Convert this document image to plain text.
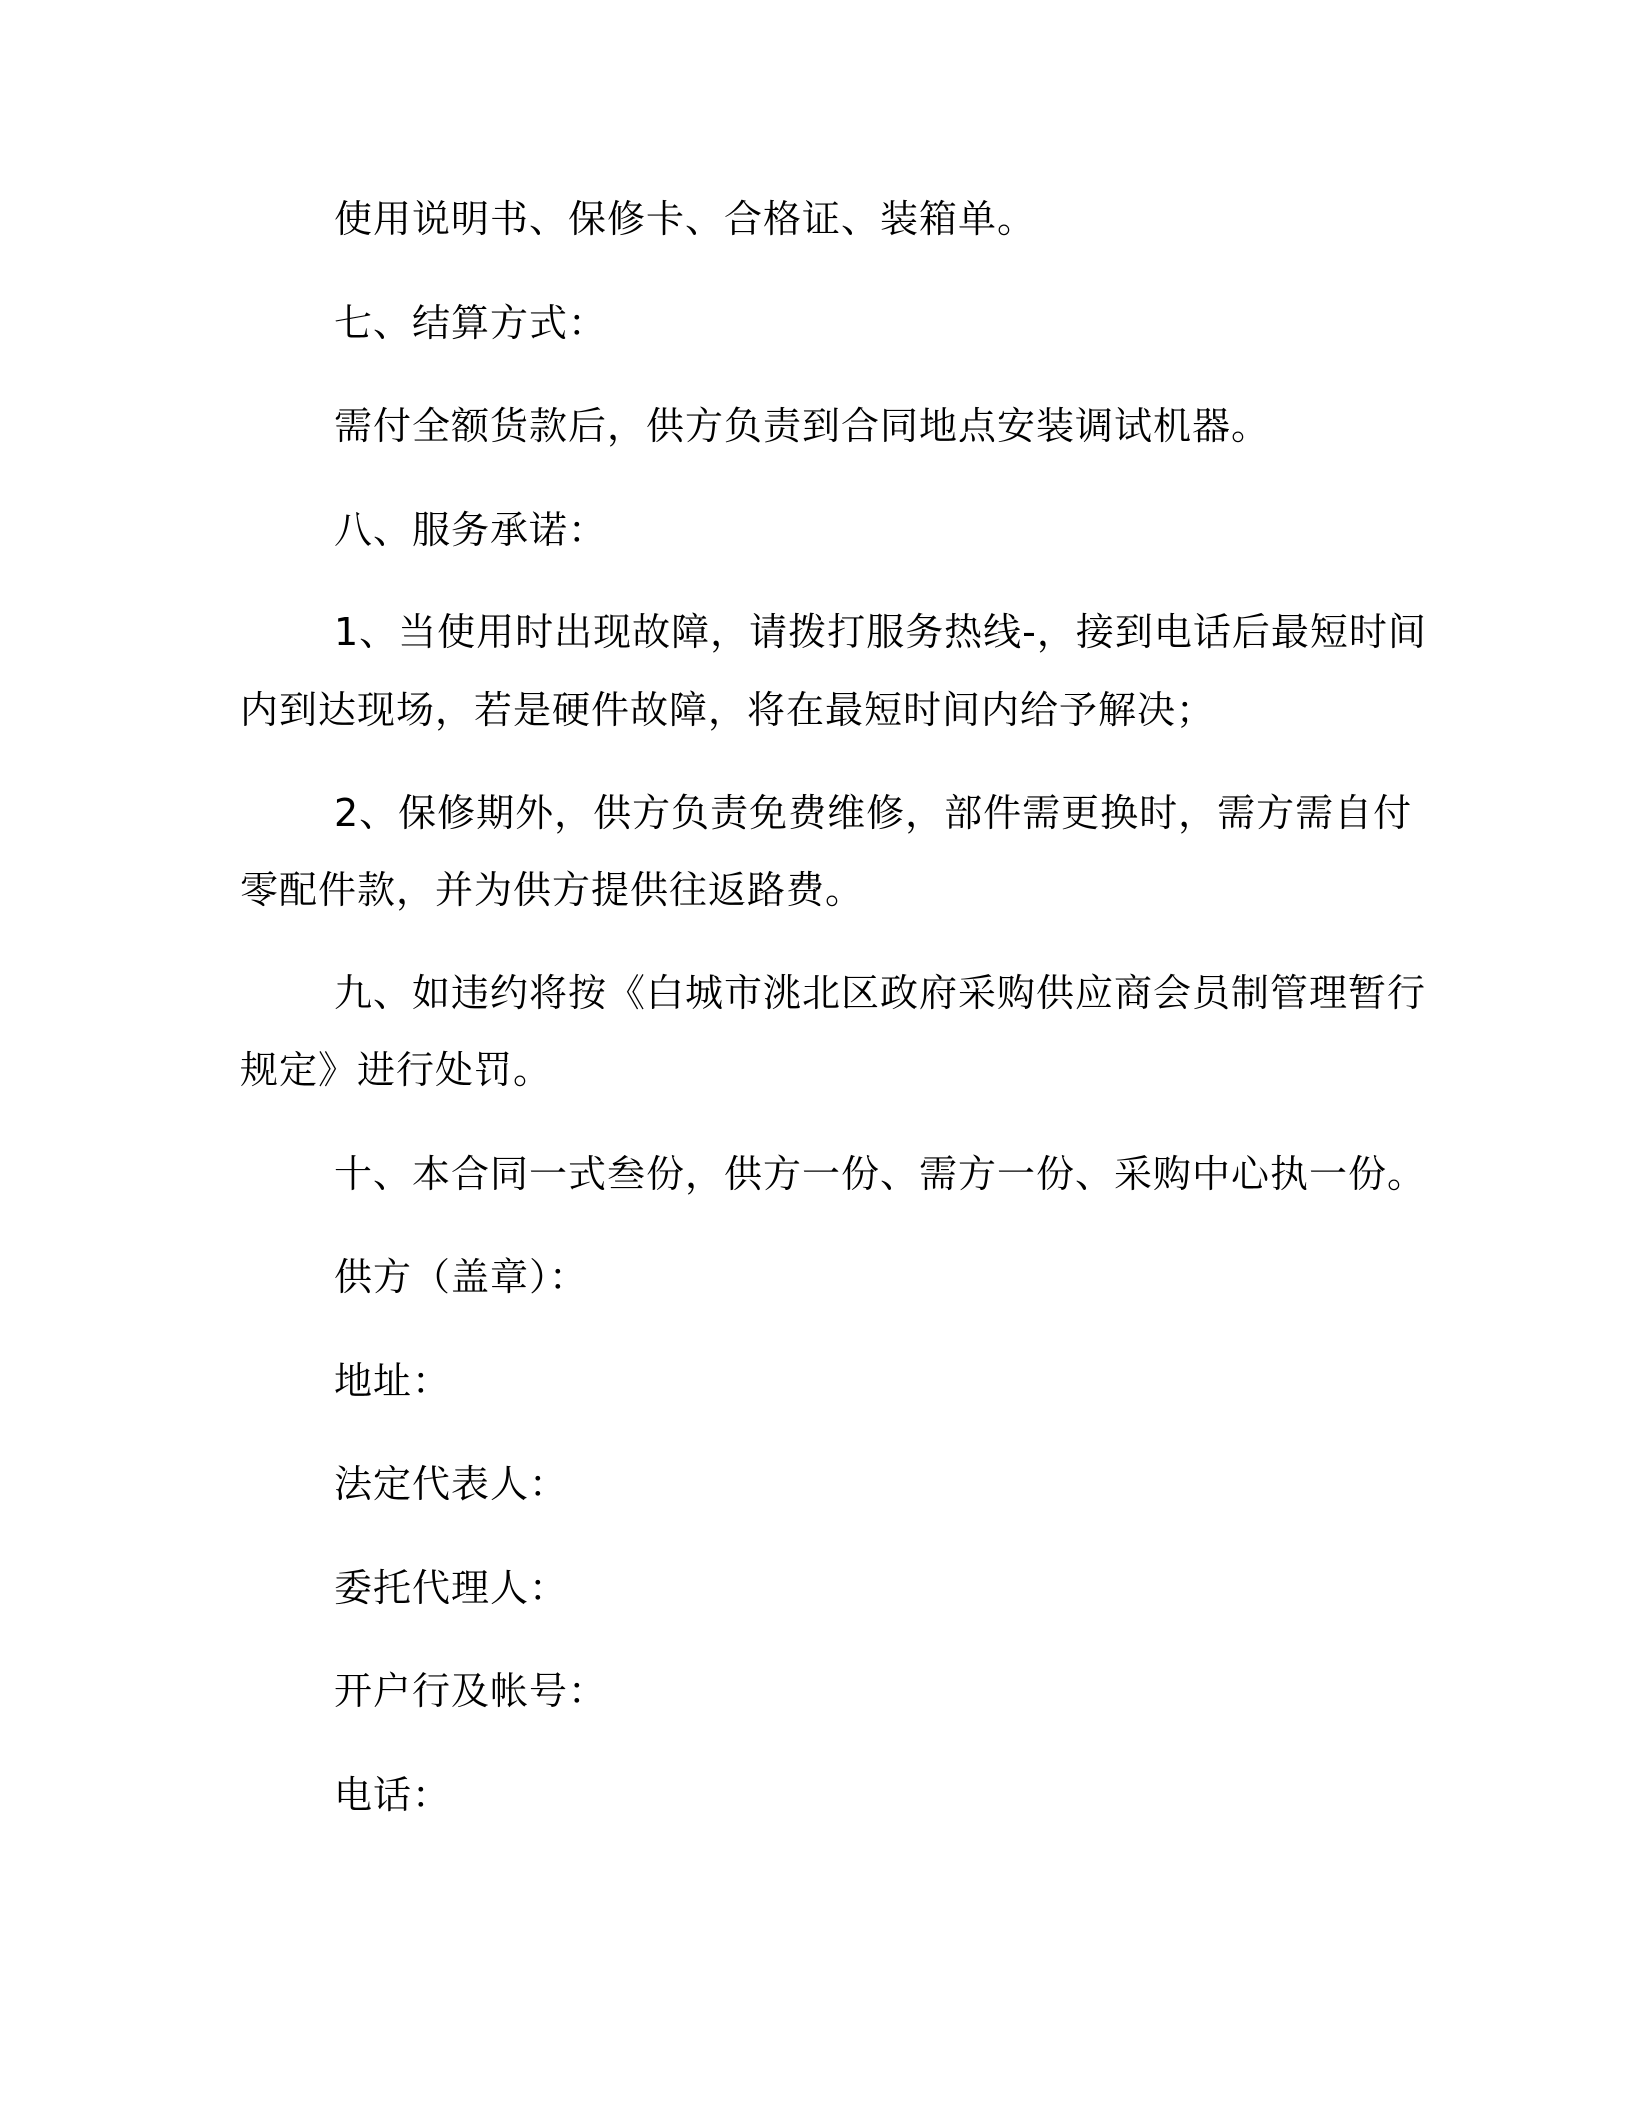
使用说明书、保修卡、合格证、装箱单。
七、结算方式：
需付全额货款后，供方负责到合同地点安装调试机器。
八、服务承诺：
1、当使用时出现故障，请拨打服务热线-，接到电话后最短时间
内到达现场，若是硬件故障，将在最短时间内给予解决；
2、保修期外，供方负责免费维修，部件需更换时，需方需自付
零配件款，并为供方提供往返路费。
九、如违约将按《白城市洮北区政府采购供应商会员制管理暂行
规定》进行处罚。
十、本合同一式叁份，供方一份、需方一份、采购中心执一份。
供方（盖章）：
地址：
法定代表人：
委托代理人：
开户行及帐号：
电话：
